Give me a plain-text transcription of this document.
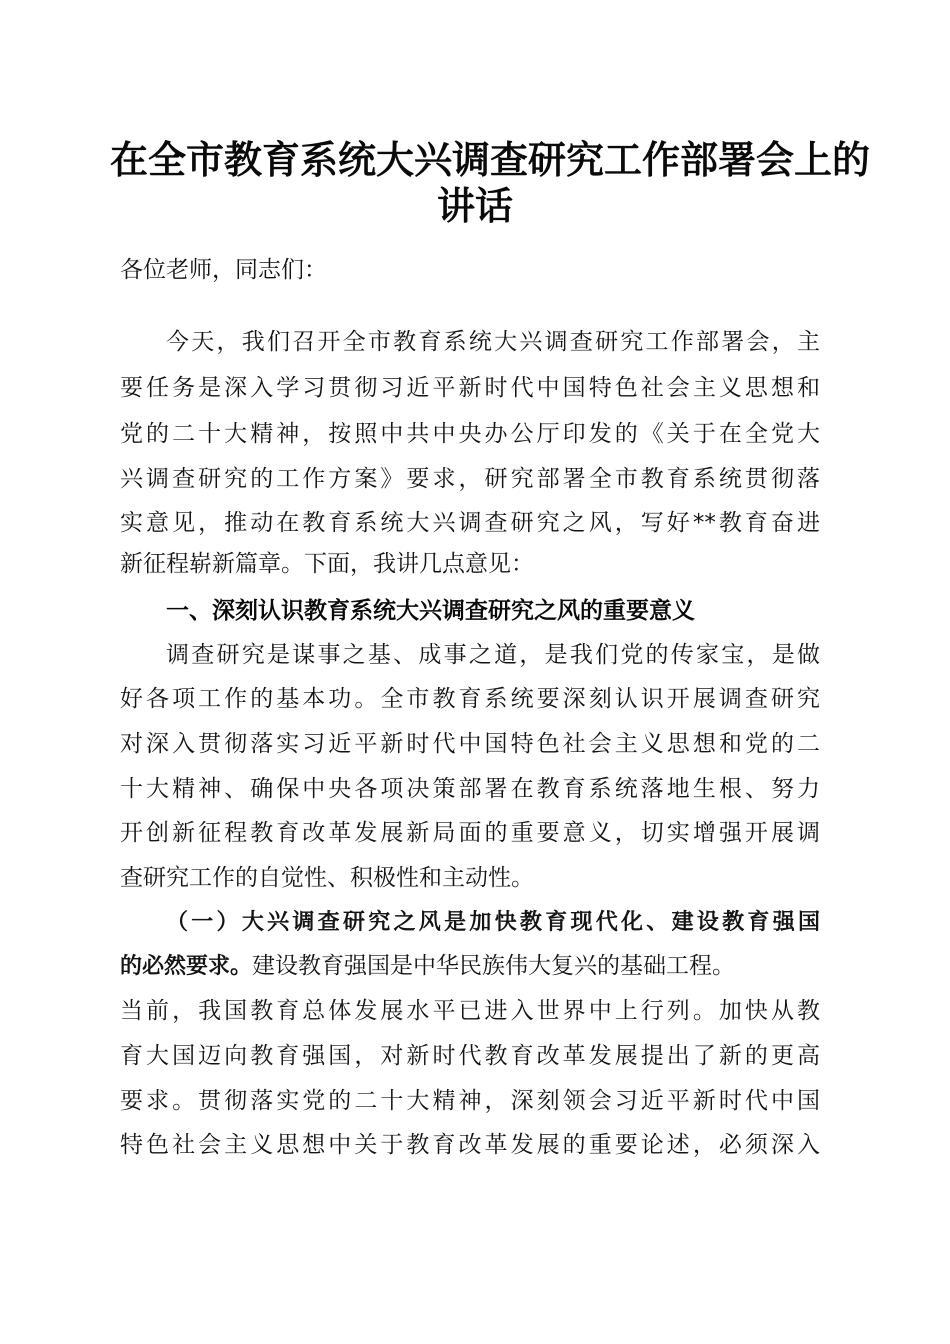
在全市教育系统大兴调查研究工作部署会上的
讲话
各位老师，同志们：
今天，我们召开全市教育系统大兴调查研究工作部署会，主
要任务是深入学习贯彻习近平新时代中国特色社会主义思想和
党的二十大精神，按照中共中央办公厅印发的《关于在全党大
兴调查研究的工作方案》要求，研究部署全市教育系统贯彻落
实意见，推动在教育系统大兴调查研究之风，写好**教育奋进
新征程崭新篇章。下面，我讲几点意见：
一、深刻认识教育系统大兴调查研究之风的重要意义
调查研究是谋事之基、成事之道，是我们党的传家宝，是做
好各项工作的基本功。全市教育系统要深刻认识开展调查研究
对深入贯彻落实习近平新时代中国特色社会主义思想和党的二
十大精神、确保中央各项决策部署在教育系统落地生根、努力
开创新征程教育改革发展新局面的重要意义，切实增强开展调
查研究工作的自觉性、积极性和主动性。
（一）大兴调查研究之风是加快教育现代化、建设教育强国
的必然要求。建设教育强国是中华民族伟大复兴的基础工程。
当前，我国教育总体发展水平已进入世界中上行列。加快从教
育大国迈向教育强国，对新时代教育改革发展提出了新的更高
要求。贯彻落实党的二十大精神，深刻领会习近平新时代中国
特色社会主义思想中关于教育改革发展的重要论述，必须深入
